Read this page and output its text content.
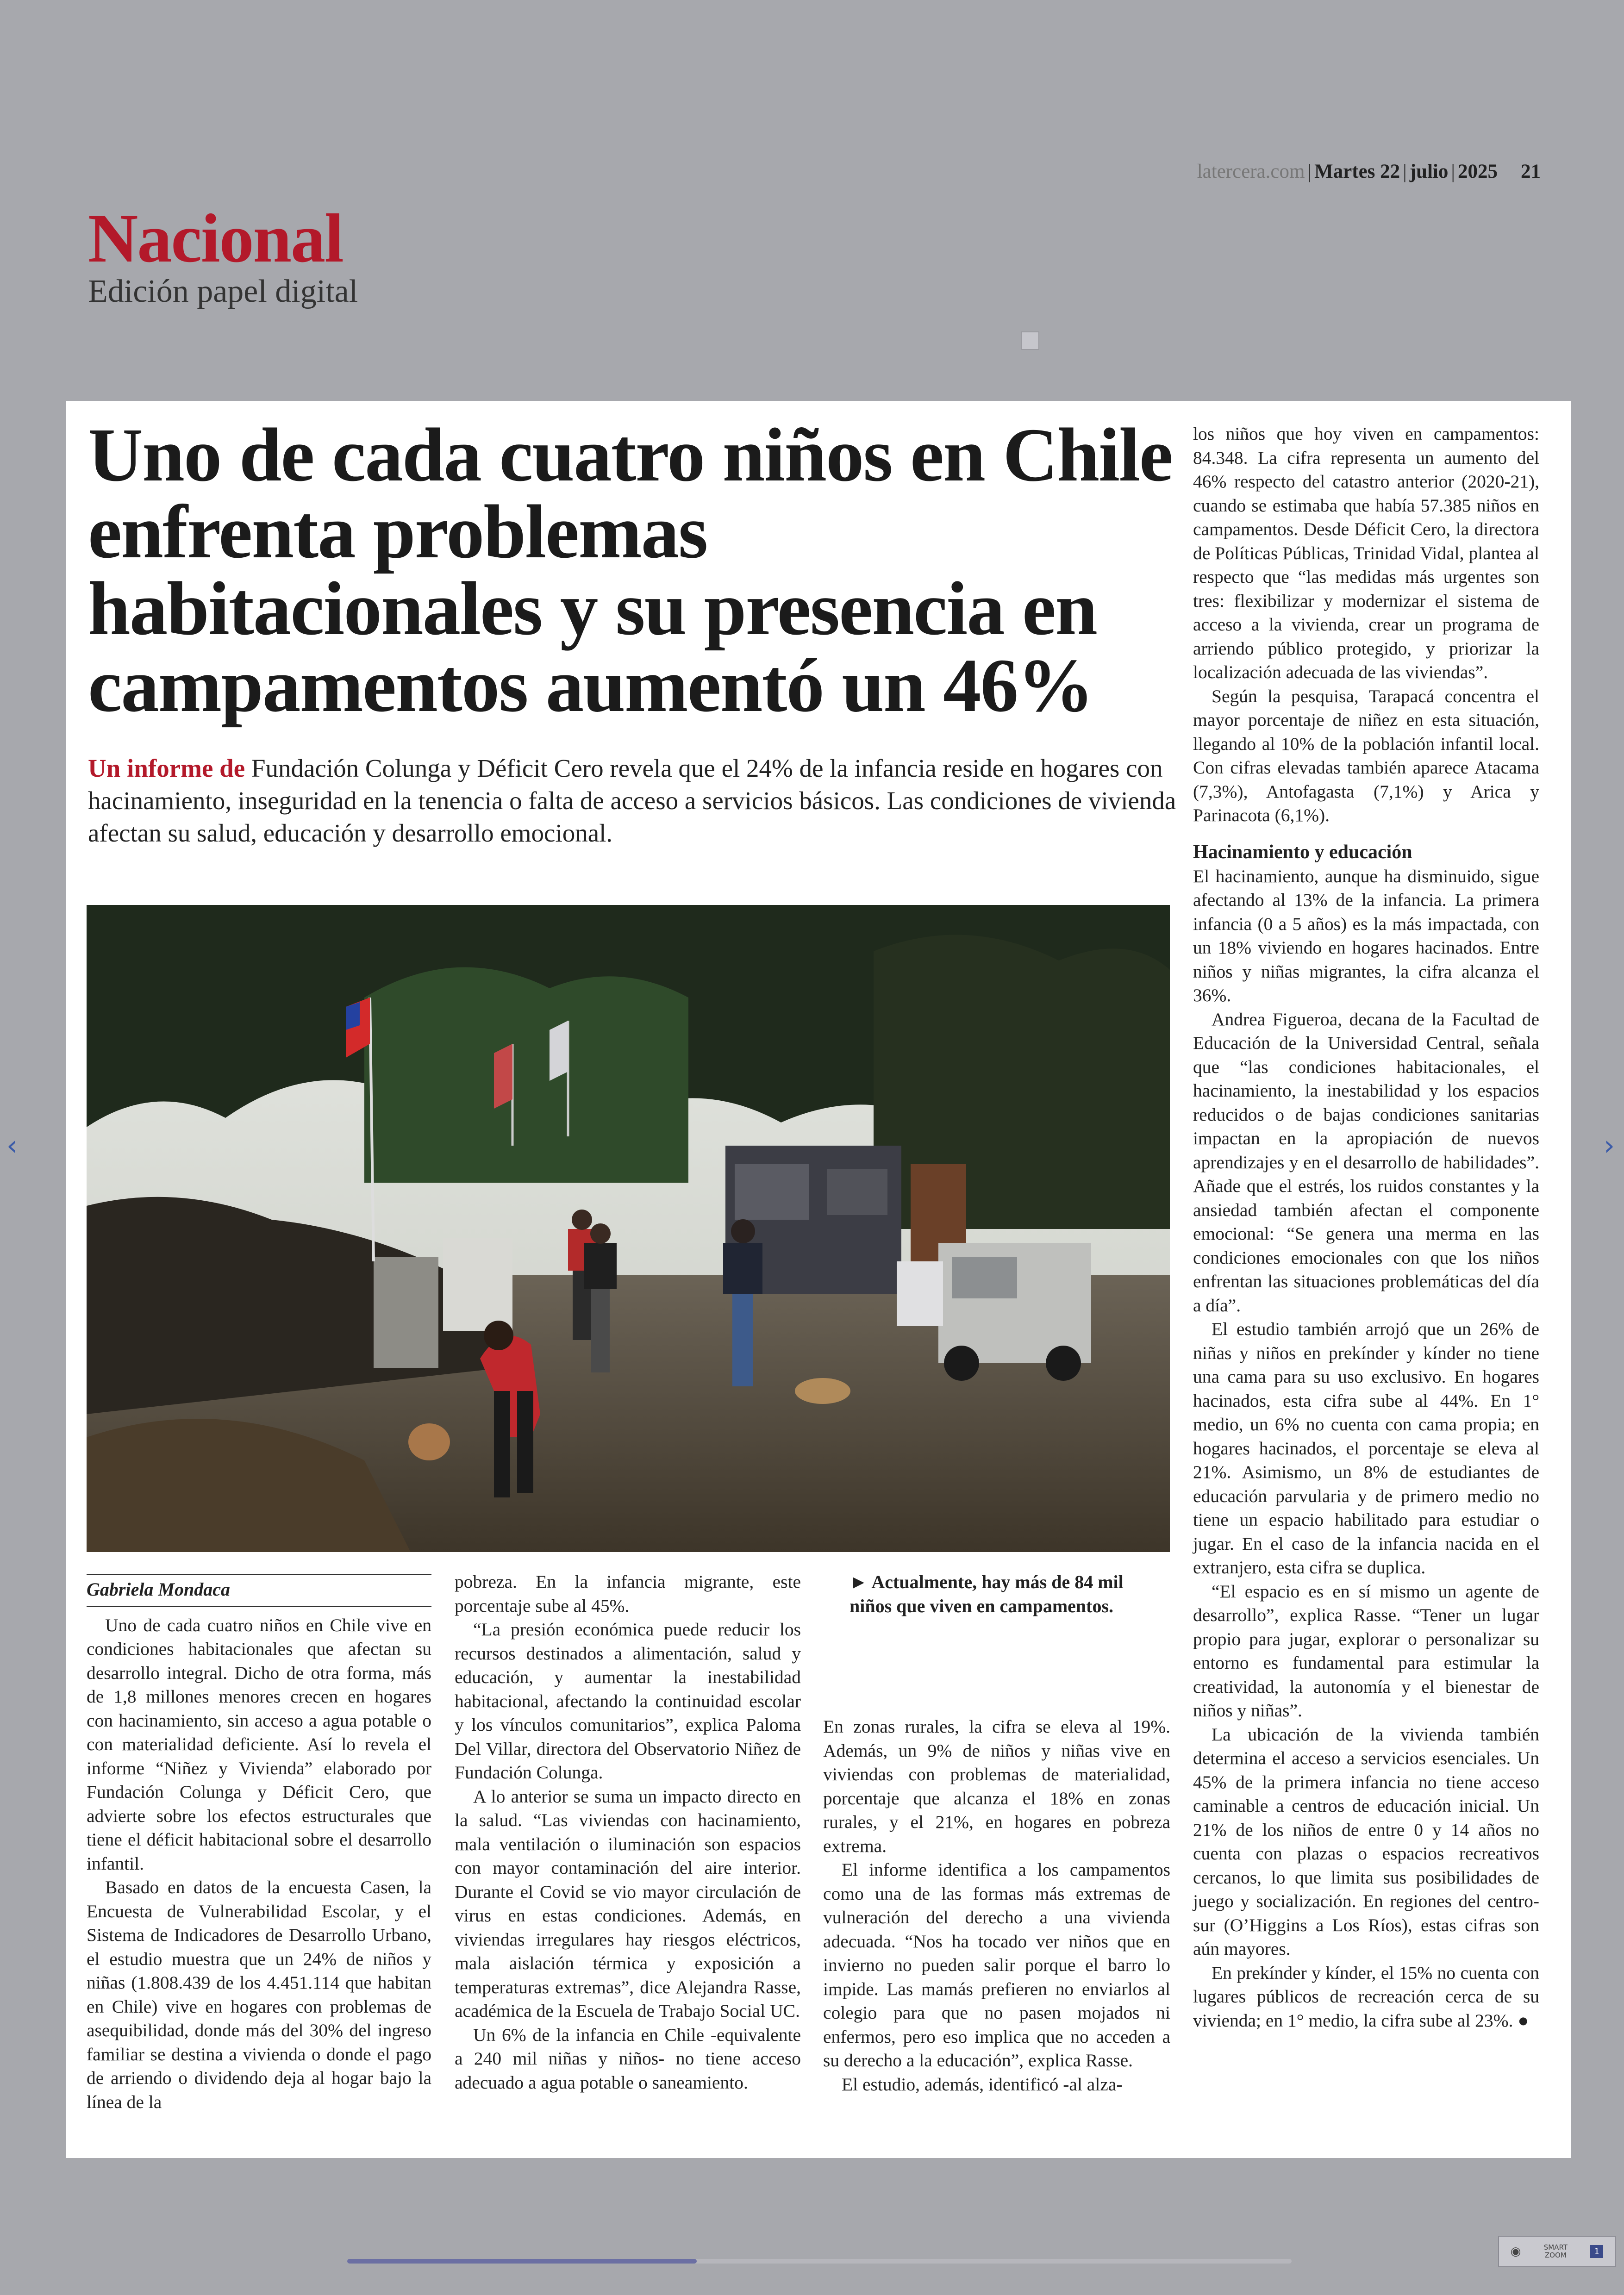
latercera.com | Martes 22 | julio | 2025 21
Nacional
Edición papel digital
Uno de cada cuatro niños en Chile enfrenta problemas habitacionales y su presencia en campamentos aumentó un 46%
Un informe de Fundación Colunga y Déficit Cero revela que el 24% de la infancia reside en hogares con hacinamiento, inseguridad en la tenencia o falta de acceso a servicios básicos. Las condiciones de vivienda afectan su salud, educación y desarrollo emocional.
Gabriela Mondaca

Uno de cada cuatro niños en Chile vive en condiciones habitacionales que afectan su desarrollo integral. Dicho de otra forma, más de 1,8 millones menores crecen en hogares con hacinamiento, sin acceso a agua potable o con materialidad deficiente. Así lo revela el informe “Niñez y Vivienda” elaborado por Fundación Colunga y Déficit Cero, que advierte sobre los efectos estructurales que tiene el déficit habitacional sobre el desarrollo infantil.

Basado en datos de la encuesta Casen, la Encuesta de Vulnerabilidad Escolar, y el Sistema de Indicadores de Desarrollo Urbano, el estudio muestra que un 24% de niños y niñas (1.808.439 de los 4.451.114 que habitan en Chile) vive en hogares con problemas de asequibilidad, donde más del 30% del ingreso familiar se destina a vivienda o donde el pago de arriendo o dividendo deja al hogar bajo la línea de la

pobreza. En la infancia migrante, este porcentaje sube al 45%.

“La presión económica puede reducir los recursos destinados a alimentación, salud y educación, y aumentar la inestabilidad habitacional, afectando la continuidad escolar y los vínculos comunitarios”, explica Paloma Del Villar, directora del Observatorio Niñez de Fundación Colunga.

A lo anterior se suma un impacto directo en la salud. “Las viviendas con hacinamiento, mala ventilación o iluminación son espacios con mayor contaminación del aire interior. Durante el Covid se vio mayor circulación de virus en estas condiciones. Además, en viviendas irregulares hay riesgos eléctricos, mala aislación térmica y exposición a temperaturas extremas”, dice Alejandra Rasse, académica de la Escuela de Trabajo Social UC.

Un 6% de la infancia en Chile -equivalente a 240 mil niñas y niños- no tiene acceso adecuado a agua potable o saneamiento.

► Actualmente, hay más de 84 mil niños que viven en campamentos.

En zonas rurales, la cifra se eleva al 19%. Además, un 9% de niños y niñas vive en viviendas con problemas de materialidad, porcentaje que alcanza el 18% en zonas rurales, y el 21%, en hogares en pobreza extrema.

El informe identifica a los campamentos como una de las formas más extremas de vulneración del derecho a una vivienda adecuada. “Nos ha tocado ver niños que en invierno no pueden salir porque el barro lo impide. Las mamás prefieren no enviarlos al colegio para que no pasen mojados ni enfermos, pero eso implica que no acceden a su derecho a la educación”, explica Rasse.

El estudio, además, identificó -al alza-

los niños que hoy viven en campamentos: 84.348. La cifra representa un aumento del 46% respecto del catastro anterior (2020-21), cuando se estimaba que había 57.385 niños en campamentos. Desde Déficit Cero, la directora de Políticas Públicas, Trinidad Vidal, plantea al respecto que “las medidas más urgentes son tres: flexibilizar y modernizar el sistema de acceso a la vivienda, crear un programa de arriendo público protegido, y priorizar la localización adecuada de las viviendas”.

Según la pesquisa, Tarapacá concentra el mayor porcentaje de niñez en esta situación, llegando al 10% de la población infantil local. Con cifras elevadas también aparece Atacama (7,3%), Antofagasta (7,1%) y Arica y Parinacota (6,1%).

Hacinamiento y educación

El hacinamiento, aunque ha disminuido, sigue afectando al 13% de la infancia. La primera infancia (0 a 5 años) es la más impactada, con un 18% viviendo en hogares hacinados. Entre niños y niñas migrantes, la cifra alcanza el 36%.

Andrea Figueroa, decana de la Facultad de Educación de la Universidad Central, señala que “las condiciones habitacionales, el hacinamiento, la inestabilidad y los espacios reducidos o de bajas condiciones sanitarias impactan en la apropiación de nuevos aprendizajes y en el desarrollo de habilidades”. Añade que el estrés, los ruidos constantes y la ansiedad también afectan el componente emocional: “Se genera una merma en las condiciones emocionales con que los niños enfrentan las situaciones problemáticas del día a día”.

El estudio también arrojó que un 26% de niñas y niños en prekínder y kínder no tiene una cama para su uso exclusivo. En hogares hacinados, esta cifra sube al 44%. En 1° medio, un 6% no cuenta con cama propia; en hogares hacinados, el porcentaje se eleva al 21%. Asimismo, un 8% de estudiantes de educación parvularia y de primero medio no tiene un espacio habilitado para estudiar o jugar. En el caso de la infancia nacida en el extranjero, esta cifra se duplica.

“El espacio es en sí mismo un agente de desarrollo”, explica Rasse. “Tener un lugar propio para jugar, explorar o personalizar su entorno es fundamental para estimular la creatividad, la autonomía y el bienestar de niños y niñas”.

La ubicación de la vivienda también determina el acceso a servicios esenciales. Un 45% de la primera infancia no tiene acceso caminable a centros de educación inicial. Un 21% de los niños de entre 0 y 14 años no cuenta con plazas o espacios recreativos cercanos, lo que limita sus posibilidades de juego y socialización. En regiones del centro-sur (O’Higgins a Los Ríos), estas cifras son aún mayores.

En prekínder y kínder, el 15% no cuenta con lugares públicos de recreación cerca de su vivienda; en 1° medio, la cifra sube al 23%. ●

‹	›
◉	SMART
ZOOM	1
